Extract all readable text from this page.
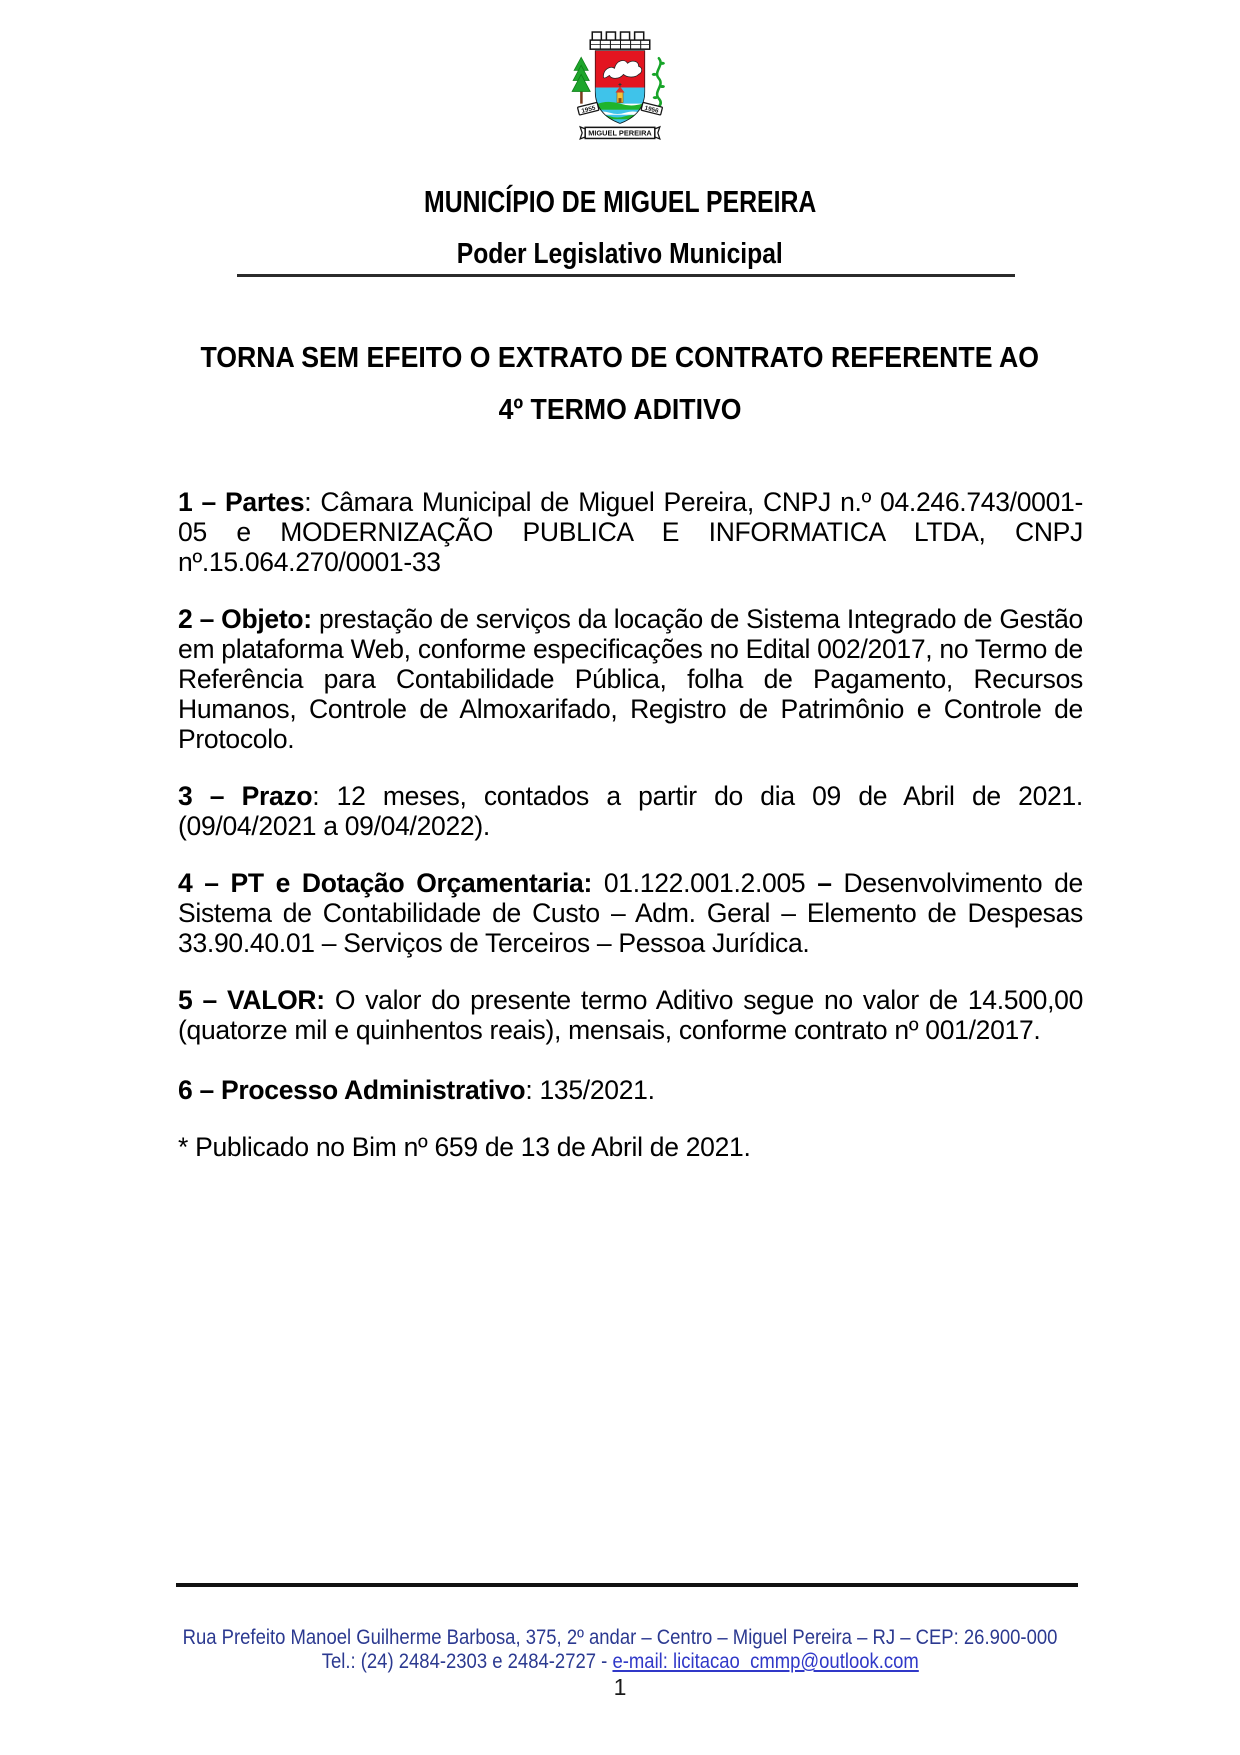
1955	1956
MIGUEL PEREIRA
MUNICÍPIO DE MIGUEL PEREIRA
Poder Legislativo Municipal
TORNA SEM EFEITO O EXTRATO DE CONTRATO REFERENTE AO
4º TERMO ADITIVO

1 – Partes: Câmara Municipal de Miguel Pereira, CNPJ n.º 04.246.743/0001-05 e MODERNIZAÇÃO PUBLICA E INFORMATICA LTDA, CNPJ nº.15.064.270/0001-33

2 – Objeto: prestação de serviços da locação de Sistema Integrado de Gestão em plataforma Web, conforme especificações no Edital 002/2017, no Termo de Referência para Contabilidade Pública, folha de Pagamento, Recursos Humanos, Controle de Almoxarifado, Registro de Patrimônio e Controle de Protocolo.

3 – Prazo: 12 meses, contados a partir do dia 09 de Abril de 2021. (09/04/2021 a 09/04/2022).

4 – PT e Dotação Orçamentaria: 01.122.001.2.005 – Desenvolvimento de Sistema de Contabilidade de Custo – Adm. Geral – Elemento de Despesas 33.90.40.01 – Serviços de Terceiros – Pessoa Jurídica.

5 – VALOR: O valor do presente termo Aditivo segue no valor de 14.500,00 (quatorze mil e quinhentos reais), mensais, conforme contrato nº 001/2017.

6 – Processo Administrativo: 135/2021.

* Publicado no Bim nº 659 de 13 de Abril de 2021.

Rua Prefeito Manoel Guilherme Barbosa, 375, 2º andar – Centro – Miguel Pereira – RJ – CEP: 26.900-000
Tel.: (24) 2484-2303 e 2484-2727 - e-mail: licitacao_cmmp@outlook.com
1
